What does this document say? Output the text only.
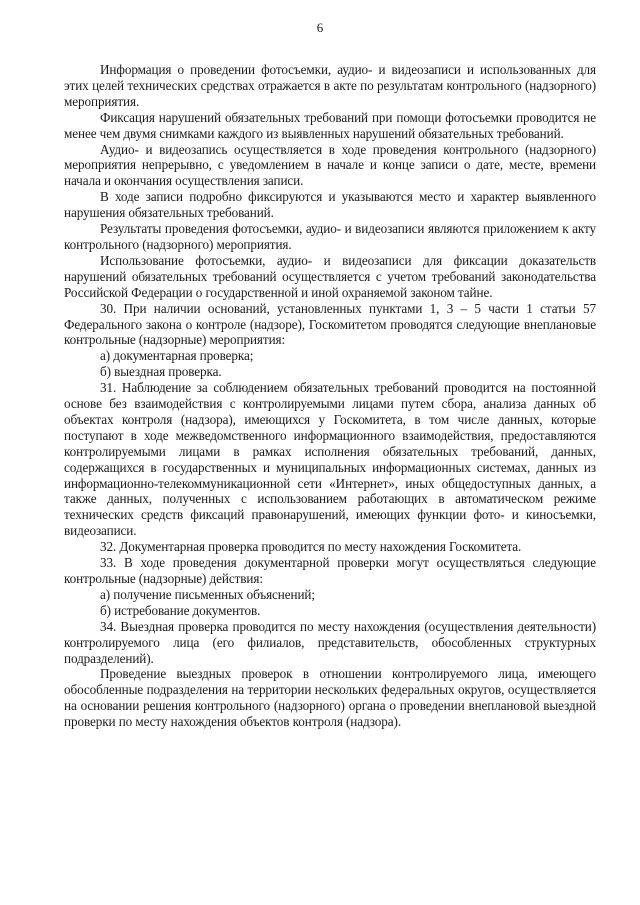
6

Информация о проведении фотосъемки, аудио- и видеозаписи и использованных для этих целей технических средствах отражается в акте по результатам контрольного (надзорного) мероприятия.

Фиксация нарушений обязательных требований при помощи фотосъемки проводится не менее чем двумя снимками каждого из выявленных нарушений обязательных требований.

Аудио- и видеозапись осуществляется в ходе проведения контрольного (надзорного) мероприятия непрерывно, с уведомлением в начале и конце записи о дате, месте, времени начала и окончания осуществления записи.

В ходе записи подробно фиксируются и указываются место и характер выявленного нарушения обязательных требований.

Результаты проведения фотосъемки, аудио- и видеозаписи являются приложением к акту контрольного (надзорного) мероприятия.

Использование фотосъемки, аудио- и видеозаписи для фиксации доказательств нарушений обязательных требований осуществляется с учетом требований законодательства Российской Федерации о государственной и иной охраняемой законом тайне.

30. При наличии оснований, установленных пунктами 1, 3 – 5 части 1 статьи 57 Федерального закона о контроле (надзоре), Госкомитетом проводятся следующие внеплановые контрольные (надзорные) мероприятия:

а) документарная проверка;

б) выездная проверка.

31. Наблюдение за соблюдением обязательных требований проводится на постоянной основе без взаимодействия с контролируемыми лицами путем сбора, анализа данных об объектах контроля (надзора), имеющихся у Госкомитета, в том числе данных, которые поступают в ходе межведомственного информационного взаимодействия, предоставляются контролируемыми лицами в рамках исполнения обязательных требований, данных, содержащихся в государственных и муниципальных информационных системах, данных из информационно-телекоммуникационной сети «Интернет», иных общедоступных данных, а также данных, полученных с использованием работающих в автоматическом режиме технических средств фиксаций правонарушений, имеющих функции фото- и киносъемки, видеозаписи.

32. Документарная проверка проводится по месту нахождения Госкомитета.

33. В ходе проведения документарной проверки могут осуществляться следующие контрольные (надзорные) действия:

а) получение письменных объяснений;

б) истребование документов.

34. Выездная проверка проводится по месту нахождения (осуществления деятельности) контролируемого лица (его филиалов, представительств, обособленных структурных подразделений).

Проведение выездных проверок в отношении контролируемого лица, имеющего обособленные подразделения на территории нескольких федеральных округов, осуществляется на основании решения контрольного (надзорного) органа о проведении внеплановой выездной проверки по месту нахождения объектов контроля (надзора).
